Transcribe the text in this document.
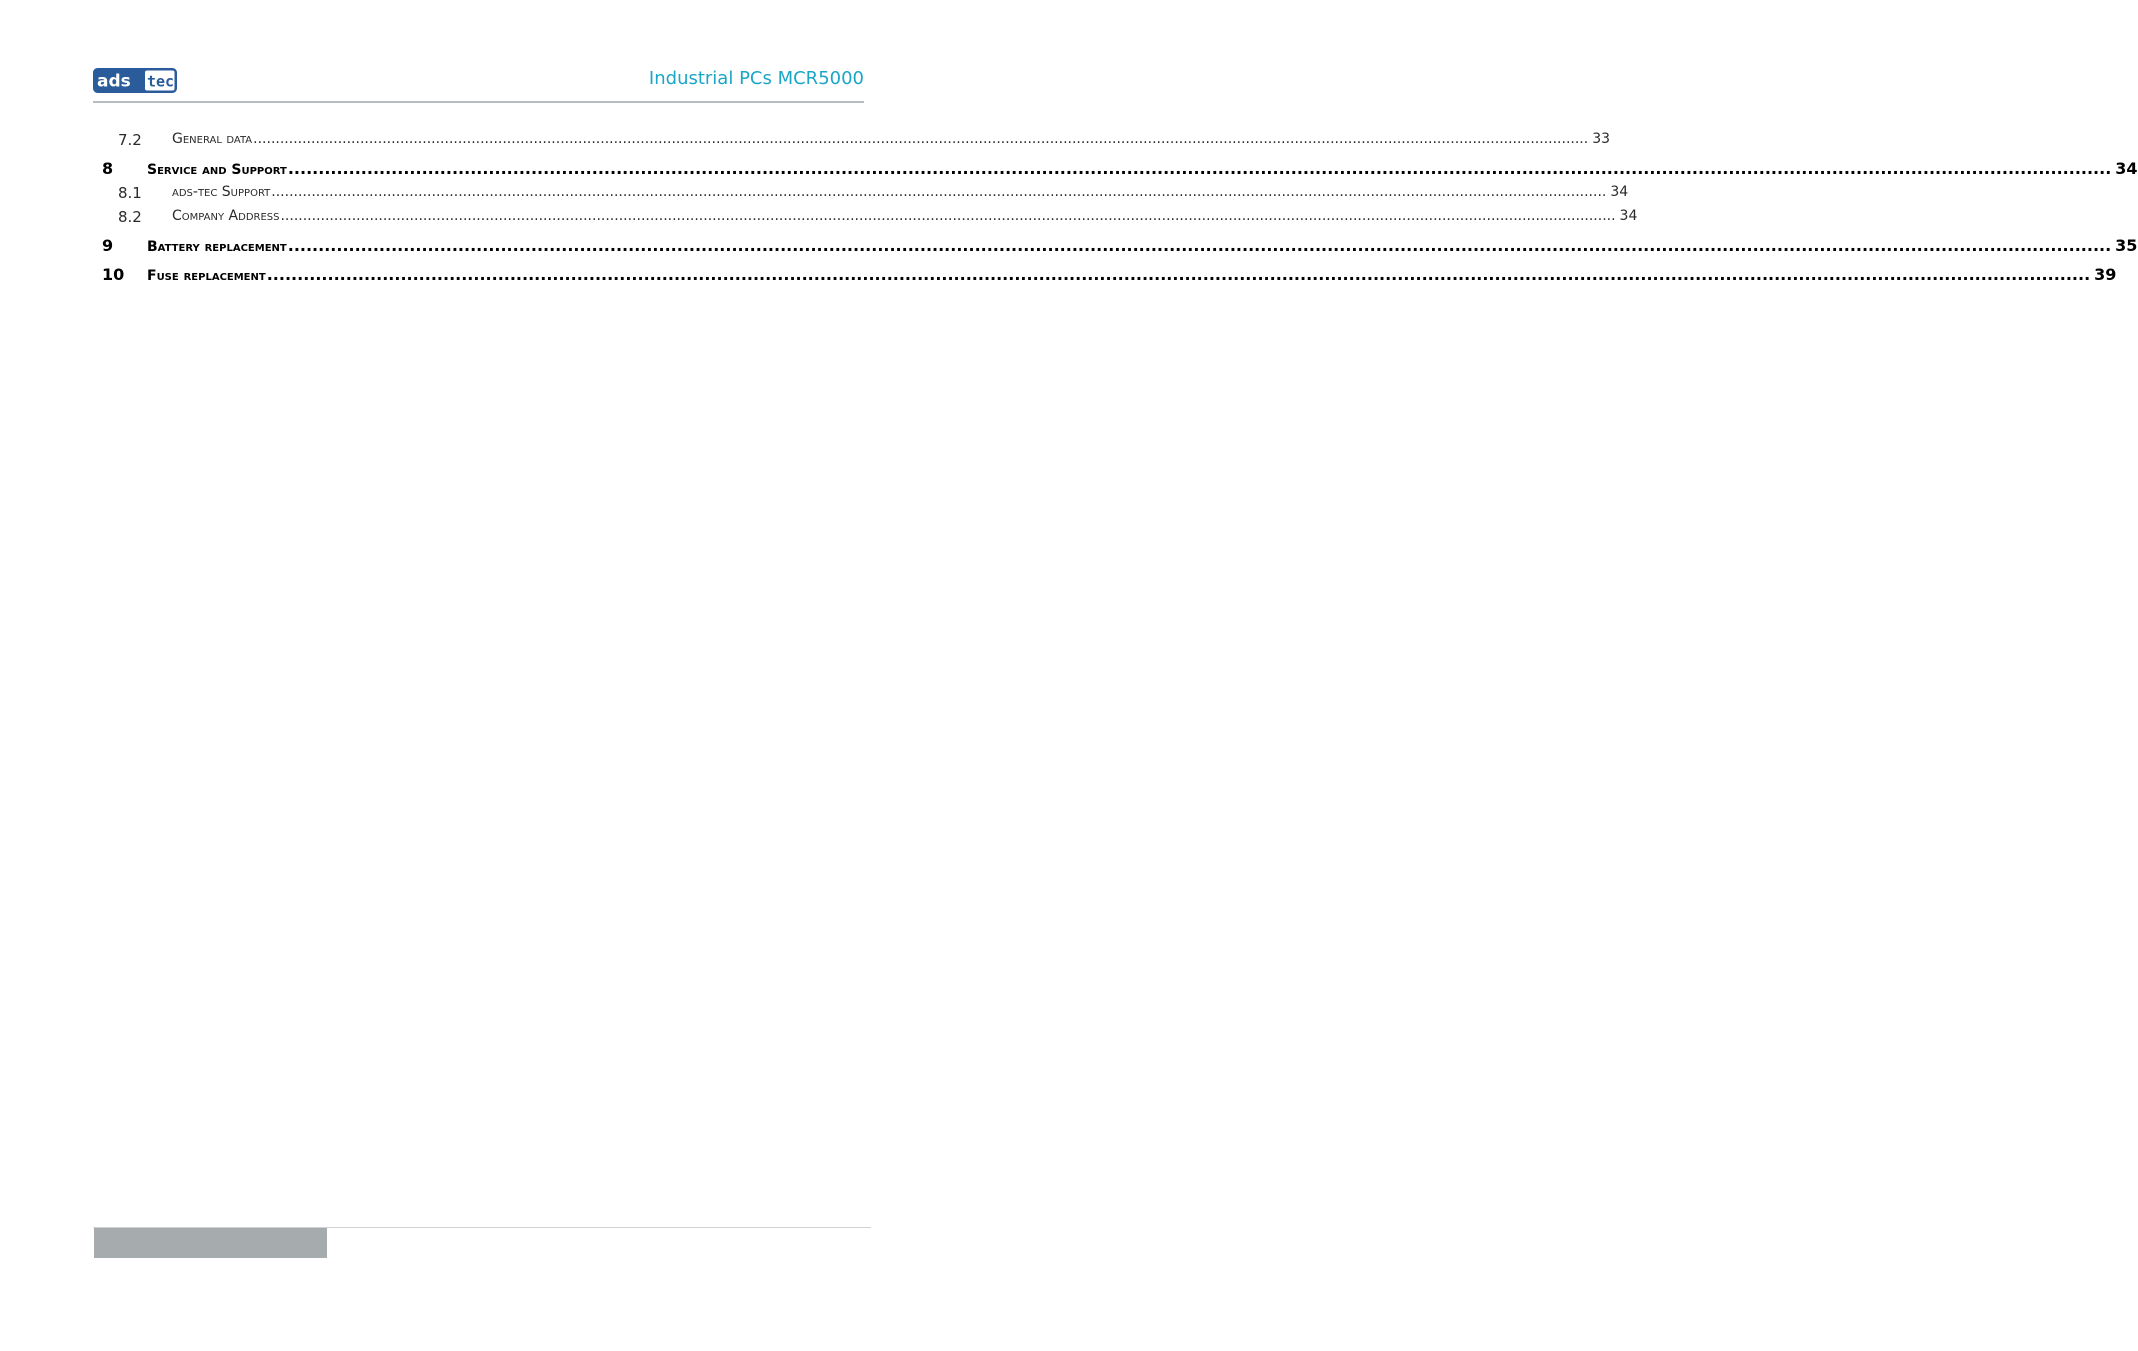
ads tec	Industrial PCs MCR5000
7.2 General data ............................................................................................................................................................................................................................................................................................................ 33
8 Service and Support ............................................................................................................................................................................................................................................................................................................ 34
8.1 ads-tec Support ............................................................................................................................................................................................................................................................................................................ 34
8.2 Company Address ............................................................................................................................................................................................................................................................................................................ 34
9 Battery replacement ............................................................................................................................................................................................................................................................................................................ 35
10 Fuse replacement ............................................................................................................................................................................................................................................................................................................ 39
